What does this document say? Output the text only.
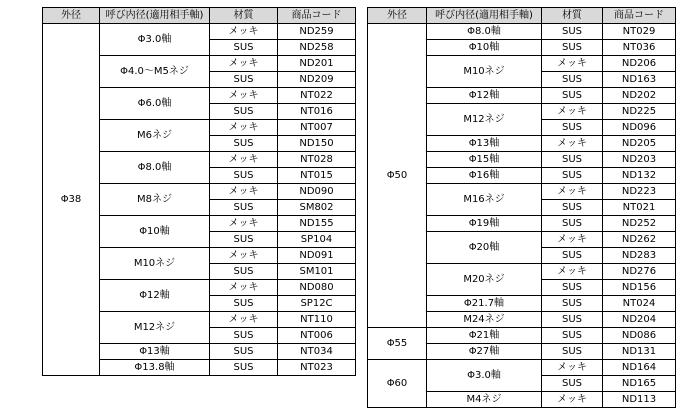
外径	呼び内径(適用相手軸)	材質	商品コード
Φ38	Φ3.0軸	メッキ	ND259
		SUS	ND258
	Φ4.0～M5ネジ	メッキ	ND201
		SUS	ND209
	Φ6.0軸	メッキ	NT022
		SUS	NT016
	M6ネジ	メッキ	NT007
		SUS	ND150
	Φ8.0軸	メッキ	NT028
		SUS	NT015
	M8ネジ	メッキ	ND090
		SUS	SM802
	Φ10軸	メッキ	ND155
		SUS	SP104
	M10ネジ	メッキ	ND091
		SUS	SM101
	Φ12軸	メッキ	ND080
		SUS	SP12C
	M12ネジ	メッキ	NT110
		SUS	NT006
	Φ13軸	SUS	NT034
	Φ13.8軸	SUS	NT023
外径	呼び内径(適用相手軸)	材質	商品コード
Φ50	Φ8.0軸	SUS	NT029
	Φ10軸	SUS	NT036
	M10ネジ	メッキ	ND206
		SUS	ND163
	Φ12軸	SUS	ND202
	M12ネジ	メッキ	ND225
		SUS	ND096
	Φ13軸	メッキ	ND205
	Φ15軸	SUS	ND203
	Φ16軸	SUS	ND132
	M16ネジ	メッキ	ND223
		SUS	NT021
	Φ19軸	SUS	ND252
	Φ20軸	メッキ	ND262
		SUS	ND283
	M20ネジ	メッキ	ND276
		SUS	ND156
	Φ21.7軸	SUS	NT024
	M24ネジ	SUS	ND204
Φ55	Φ21軸	SUS	ND086
	Φ27軸	SUS	ND131
Φ60	Φ3.0軸	メッキ	ND164
		SUS	ND165
	M4ネジ	メッキ	ND113
